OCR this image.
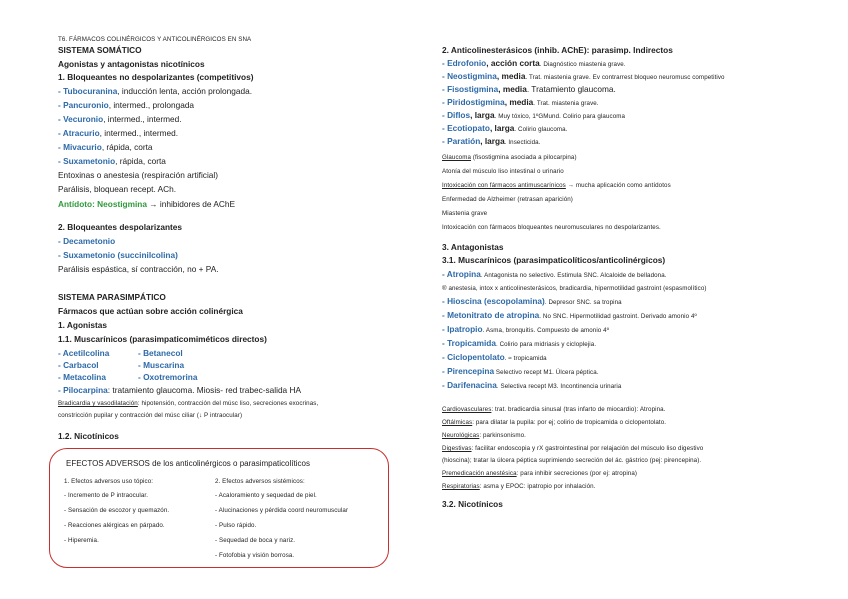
T6. FÁRMACOS COLINÉRGICOS Y ANTICOLINÉRGICOS EN SNA
SISTEMA SOMÁTICO
Agonistas y antagonistas nicotínicos
1. Bloqueantes no despolarizantes (competitivos)
- Tubocuranina, inducción lenta, acción prolongada.
- Pancuronio, intermed., prolongada
- Vecuronio, intermed., intermed.
- Atracurio, intermed., intermed.
- Mivacurio, rápida, corta
- Suxametonio, rápida, corta
Entoxinas o anestesia (respiración artificial)
Parálisis, bloquean recept. ACh.
Antídoto: Neostigmina → inhibidores de AChE
2. Bloqueantes despolarizantes
- Decametonio
- Suxametonio (succinilcolina)
Parálisis espástica, sí contracción, no + PA.
SISTEMA PARASIMPÁTICO
Fármacos que actúan sobre acción colinérgica
1. Agonistas
1.1. Muscarínicos (parasimpaticomiméticos directos)
- Acetilcolina
- Carbacol
- Metacolina
- Betanecol
- Muscarina
- Oxotremorina
- Pilocarpina: tratamiento glaucoma. Miosis- red trabec-salida HA
Bradicardia y vasodilatación: hipotensión, contracción del músc liso, secreciones exocrinas,
constricción pupilar y contracción del músc ciliar (↓ P intraocular)
1.2. Nicotínicos
EFECTOS ADVERSOS de los anticolinérgicos o parasimpaticolíticos
1. Efectos adversos uso tópico:
- Incremento de P intraocular.
- Sensación de escozor y quemazón.
- Reacciones alérgicas en párpado.
- Hiperemia.
2. Efectos adversos sistémicos:
- Acaloramiento y sequedad de piel.
- Alucinaciones y pérdida coord neuromuscular
- Pulso rápido.
- Sequedad de boca y nariz.
- Fotofobia y visión borrosa.
2. Anticolinesterásicos (inhib. AChE): parasimp. Indirectos
- Edrofonio, acción corta. Diagnóstico miastenia grave.
- Neostigmina, media. Trat. miastenia grave. Ev contrarrest bloqueo neuromusc competitivo
- Fisostigmina, media. Tratamiento glaucoma.
- Piridostigmina, media. Trat. miastenia grave.
- Diflos, larga. Muy tóxico, 1ºGMund. Colirio para glaucoma
- Ecotiopato, larga. Colirio glaucoma.
- Paratión, larga. Insecticida.
Glaucoma (fisostigmina asociada a pilocarpina)
Atonía del músculo liso intestinal o urinario
Intoxicación con fármacos antimuscarínicos → mucha aplicación como antídotos
Enfermedad de Alzheimer (retrasan aparición)
Miastenia grave
Intoxicación con fármacos bloqueantes neuromusculares no despolarizantes.
3. Antagonistas
3.1. Muscarínicos (parasimpaticolíticos/anticolinérgicos)
- Atropina. Antagonista no selectivo. Estimula SNC. Alcaloide de belladona.
® anestesia, intox x anticolinesterásicos, bradicardia, hipermotilidad gastroint (espasmolítico)
- Hioscina (escopolamina). Depresor SNC. sa tropina
- Metonitrato de atropina. No SNC. Hipermotilidad gastroint. Derivado amonio 4º
- Ipatropio. Asma, bronquitis. Compuesto de amonio 4º
- Tropicamida. Colirio para midriasis y cicloplejia.
- Ciclopentolato. ≈ tropicamida
- Pirencepina Selectivo recept M1. Úlcera péptica.
- Darifenacina. Selectiva recept M3. Incontinencia urinaria
Cardiovasculares: trat. bradicardia sinusal (tras infarto de miocardio): Atropina.
Oftálmicas: para dilatar la pupila: por ej; colirio de tropicamida o ciclopentolato.
Neurológicas: parkinsonismo.
Digestivas: facilitar endoscopia y rX gastrointestinal por relajación del músculo liso digestivo
(hioscina); tratar la úlcera péptica suprimiendo secreción del ác. gástrico (pej: pirencepina).
Premedicación anestésica: para inhibir secreciones (por ej: atropina)
Respiratorias: asma y EPOC: ipatropio por inhalación.
3.2. Nicotínicos
